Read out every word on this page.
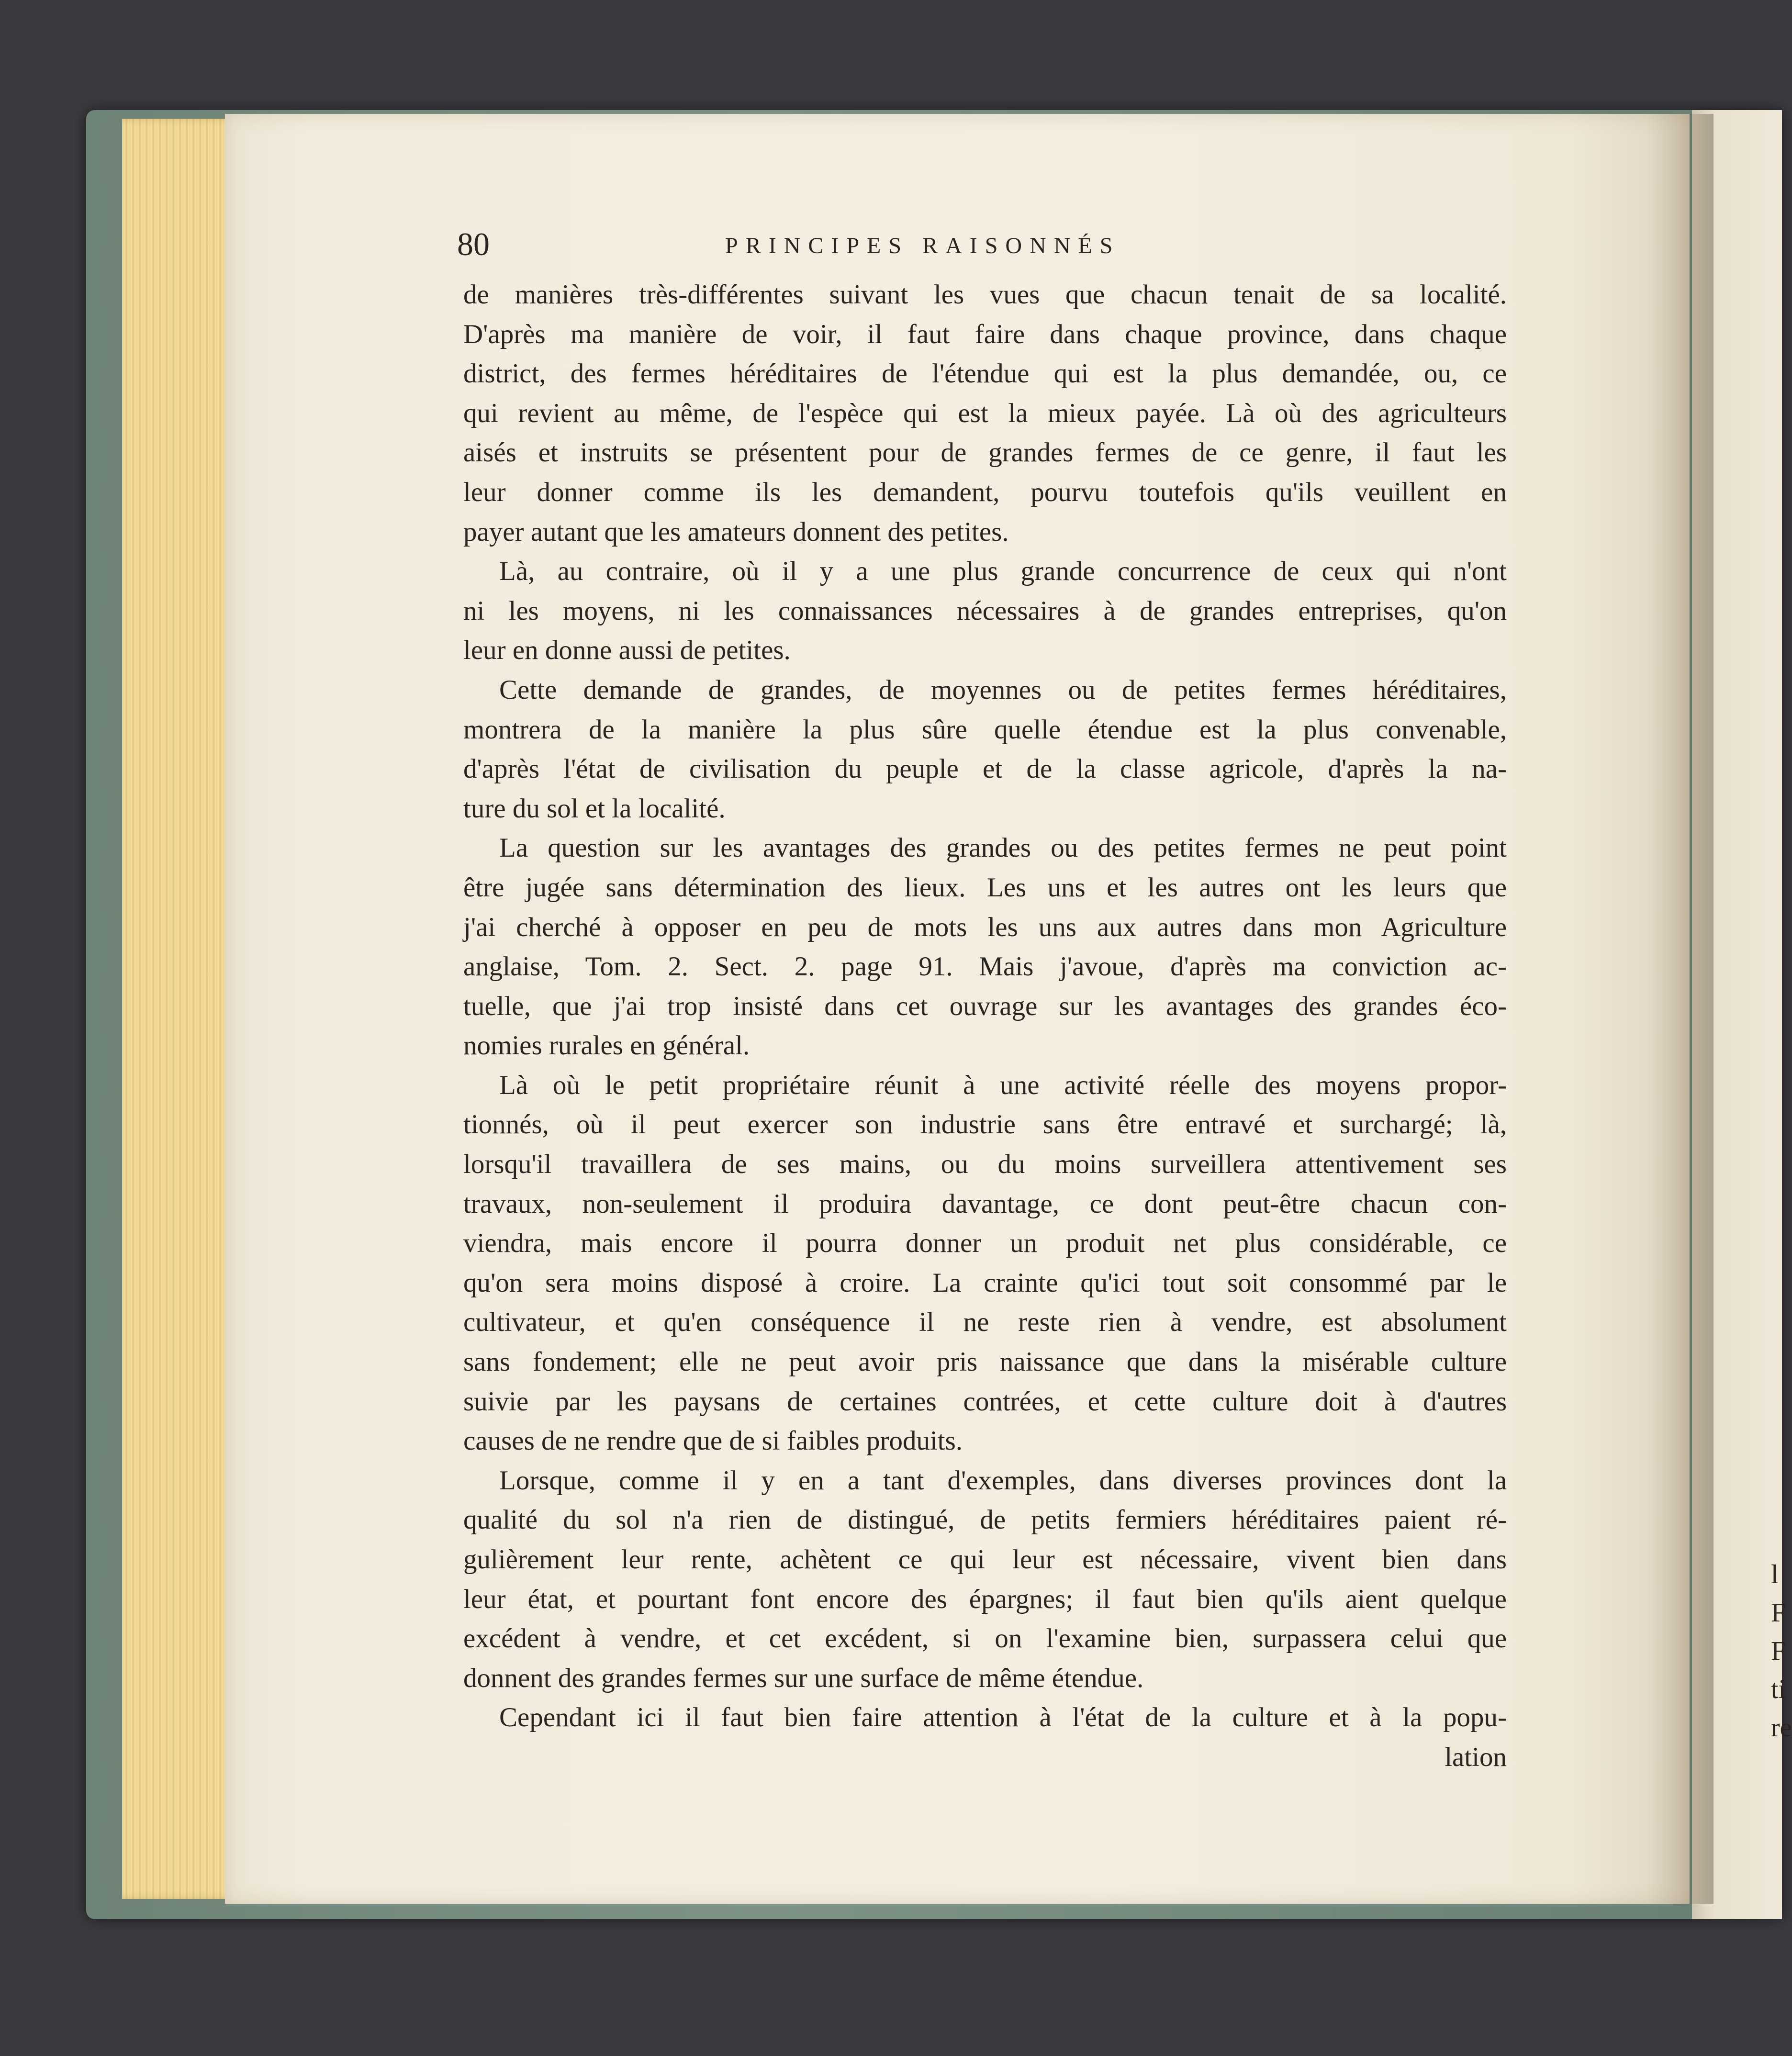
80	PRINCIPES RAISONNÉS
de manières très-différentes suivant les vues que chacun tenait de sa localité.
D'après ma manière de voir, il faut faire dans chaque province, dans chaque
district, des fermes héréditaires de l'étendue qui est la plus demandée, ou, ce
qui revient au même, de l'espèce qui est la mieux payée. Là où des agriculteurs
aisés et instruits se présentent pour de grandes fermes de ce genre, il faut les
leur donner comme ils les demandent, pourvu toutefois qu'ils veuillent en
payer autant que les amateurs donnent des petites.
Là, au contraire, où il y a une plus grande concurrence de ceux qui n'ont
ni les moyens, ni les connaissances nécessaires à de grandes entreprises, qu'on
leur en donne aussi de petites.
Cette demande de grandes, de moyennes ou de petites fermes héréditaires,
montrera de la manière la plus sûre quelle étendue est la plus convenable,
d'après l'état de civilisation du peuple et de la classe agricole, d'après la na-
ture du sol et la localité.
La question sur les avantages des grandes ou des petites fermes ne peut point
être jugée sans détermination des lieux. Les uns et les autres ont les leurs que
j'ai cherché à opposer en peu de mots les uns aux autres dans mon Agriculture
anglaise, Tom. 2. Sect. 2. page 91. Mais j'avoue, d'après ma conviction ac-
tuelle, que j'ai trop insisté dans cet ouvrage sur les avantages des grandes éco-
nomies rurales en général.
Là où le petit propriétaire réunit à une activité réelle des moyens propor-
tionnés, où il peut exercer son industrie sans être entravé et surchargé; là,
lorsqu'il travaillera de ses mains, ou du moins surveillera attentivement ses
travaux, non-seulement il produira davantage, ce dont peut-être chacun con-
viendra, mais encore il pourra donner un produit net plus considérable, ce
qu'on sera moins disposé à croire. La crainte qu'ici tout soit consommé par le
cultivateur, et qu'en conséquence il ne reste rien à vendre, est absolument
sans fondement; elle ne peut avoir pris naissance que dans la misérable culture
suivie par les paysans de certaines contrées, et cette culture doit à d'autres
causes de ne rendre que de si faibles produits.
Lorsque, comme il y en a tant d'exemples, dans diverses provinces dont la
qualité du sol n'a rien de distingué, de petits fermiers héréditaires paient ré-
gulièrement leur rente, achètent ce qui leur est nécessaire, vivent bien dans
leur état, et pourtant font encore des épargnes; il faut bien qu'ils aient quelque
excédent à vendre, et cet excédent, si on l'examine bien, surpassera celui que
donnent des grandes fermes sur une surface de même étendue.
Cependant ici il faut bien faire attention à l'état de la culture et à la popu-
lation
l
F
F
ti
re
